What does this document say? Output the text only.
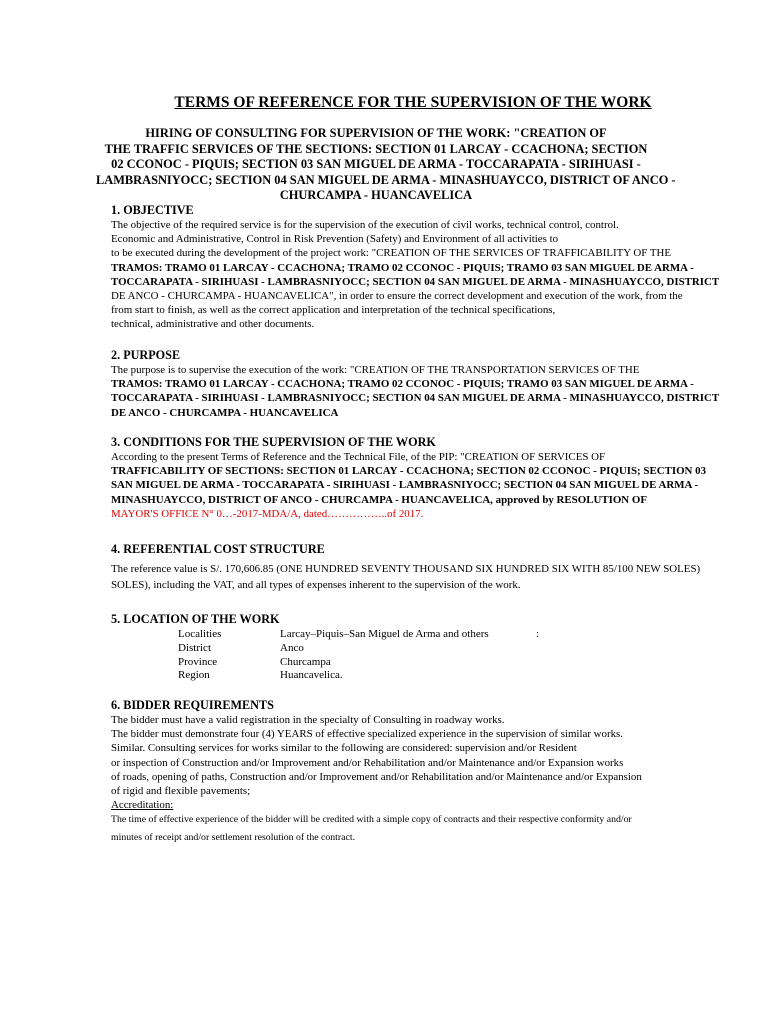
TERMS OF REFERENCE FOR THE SUPERVISION OF THE WORK
HIRING OF CONSULTING FOR SUPERVISION OF THE WORK: "CREATION OF
THE TRAFFIC SERVICES OF THE SECTIONS: SECTION 01 LARCAY - CCACHONA; SECTION
02 CCONOC - PIQUIS; SECTION 03 SAN MIGUEL DE ARMA - TOCCARAPATA - SIRIHUASI -
LAMBRASNIYOCC; SECTION 04 SAN MIGUEL DE ARMA - MINASHUAYCCO, DISTRICT OF ANCO -
CHURCAMPA - HUANCAVELICA
1. OBJECTIVE
The objective of the required service is for the supervision of the execution of civil works, technical control, control.
Economic and Administrative, Control in Risk Prevention (Safety) and Environment of all activities to
to be executed during the development of the project work: "CREATION OF THE SERVICES OF TRAFFICABILITY OF THE
TRAMOS: TRAMO 01 LARCAY - CCACHONA; TRAMO 02 CCONOC - PIQUIS; TRAMO 03 SAN MIGUEL DE ARMA -
TOCCARAPATA - SIRIHUASI - LAMBRASNIYOCC; SECTION 04 SAN MIGUEL DE ARMA - MINASHUAYCCO, DISTRICT
DE ANCO - CHURCAMPA - HUANCAVELICA", in order to ensure the correct development and execution of the work, from the
from start to finish, as well as the correct application and interpretation of the technical specifications,
technical, administrative and other documents.
2. PURPOSE
The purpose is to supervise the execution of the work: "CREATION OF THE TRANSPORTATION SERVICES OF THE
TRAMOS: TRAMO 01 LARCAY - CCACHONA; TRAMO 02 CCONOC - PIQUIS; TRAMO 03 SAN MIGUEL DE ARMA -
TOCCARAPATA - SIRIHUASI - LAMBRASNIYOCC; SECTION 04 SAN MIGUEL DE ARMA - MINASHUAYCCO, DISTRICT
DE ANCO - CHURCAMPA - HUANCAVELICA
3. CONDITIONS FOR THE SUPERVISION OF THE WORK
According to the present Terms of Reference and the Technical File, of the PIP: "CREATION OF SERVICES OF
TRAFFICABILITY OF SECTIONS: SECTION 01 LARCAY - CCACHONA; SECTION 02 CCONOC - PIQUIS; SECTION 03
SAN MIGUEL DE ARMA - TOCCARAPATA - SIRIHUASI - LAMBRASNIYOCC; SECTION 04 SAN MIGUEL DE ARMA -
MINASHUAYCCO, DISTRICT OF ANCO - CHURCAMPA - HUANCAVELICA, approved by RESOLUTION OF
MAYOR'S OFFICE N° 0…-2017-MDA/A, dated……………..of 2017.
4. REFERENTIAL COST STRUCTURE
The reference value is S/. 170,606.85 (ONE HUNDRED SEVENTY THOUSAND SIX HUNDRED SIX WITH 85/100 NEW SOLES)
SOLES), including the VAT, and all types of expenses inherent to the supervision of the work.
5. LOCATION OF THE WORK
Localities	Larcay–Piquis–San Miguel de Arma and others	:
District	Anco
Province	Churcampa
Region	Huancavelica.
6. BIDDER REQUIREMENTS
The bidder must have a valid registration in the specialty of Consulting in roadway works.
The bidder must demonstrate four (4) YEARS of effective specialized experience in the supervision of similar works.
Similar. Consulting services for works similar to the following are considered: supervision and/or Resident
or inspection of Construction and/or Improvement and/or Rehabilitation and/or Maintenance and/or Expansion works
of roads, opening of paths, Construction and/or Improvement and/or Rehabilitation and/or Maintenance and/or Expansion
of rigid and flexible pavements;
Accreditation:
The time of effective experience of the bidder will be credited with a simple copy of contracts and their respective conformity and/or
minutes of receipt and/or settlement resolution of the contract.
